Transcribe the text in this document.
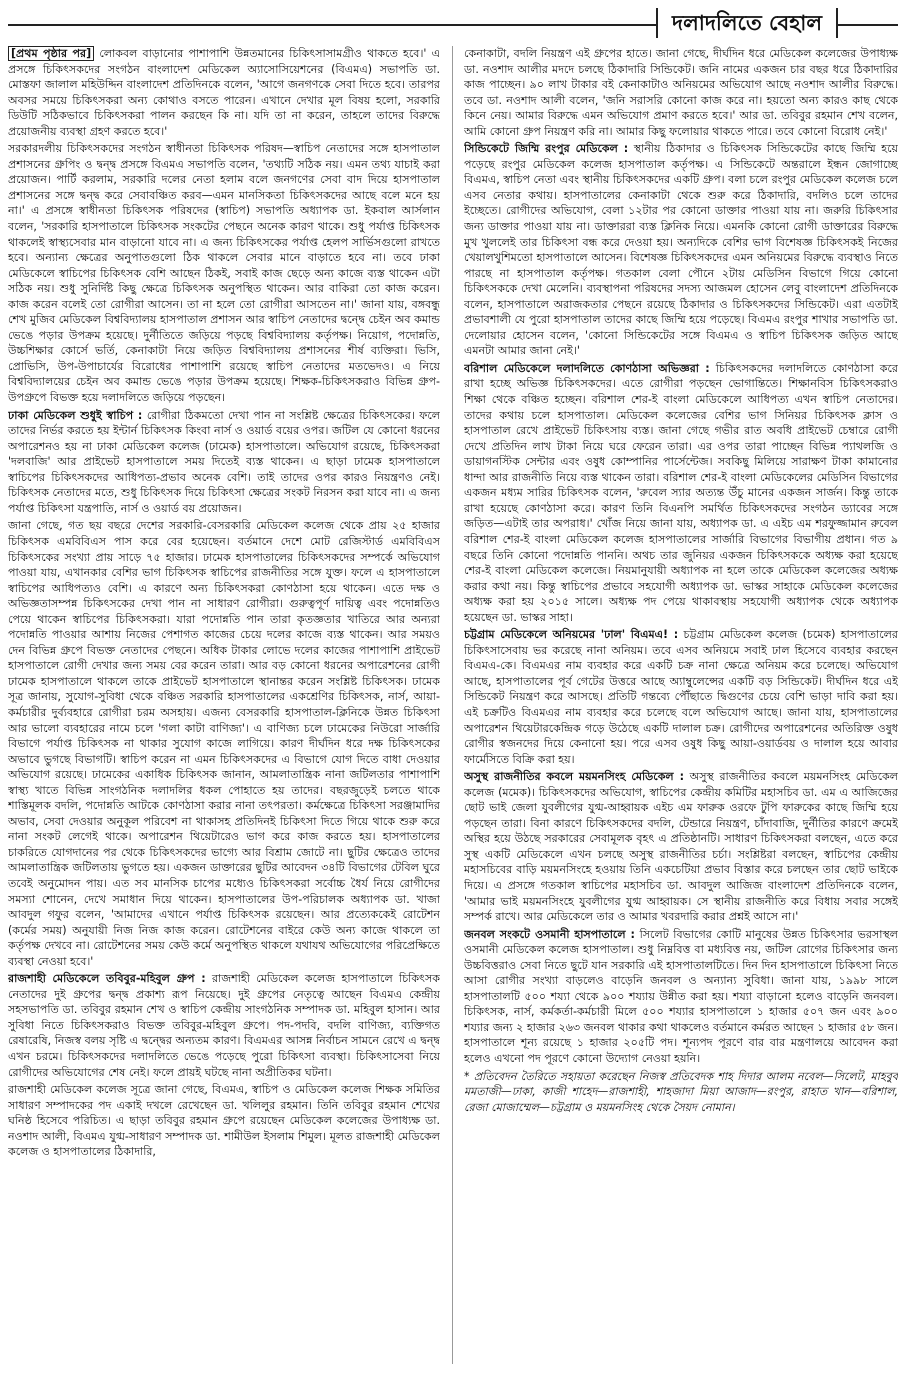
দলাদলিতে বেহাল

[প্রথম পৃষ্ঠার পর] লোকবল বাড়ানোর পাশাপাশি উন্নতমানের চিকিৎসাসামগ্রীও থাকতে হবে।' এ প্রসঙ্গে চিকিৎসকদের সংগঠন বাংলাদেশ মেডিকেল অ্যাসোসিয়েশনের (বিএমএ) সভাপতি ডা. মোস্তফা জালাল মহিউদ্দিন বাংলাদেশ প্রতিদিনকে বলেন, 'আগে জনগণকে সেবা দিতে হবে। তারপর অবসর সময়ে চিকিৎসকরা অন্য কোথাও বসতে পারেন। এখানে দেখার মূল বিষয় হলো, সরকারি ডিউটি সঠিকভাবে চিকিৎসকরা পালন করছেন কি না। যদি তা না করেন, তাহলে তাদের বিরুদ্ধে প্রয়োজনীয় ব্যবস্থা গ্রহণ করতে হবে।'

সরকারদলীয় চিকিৎসকদের সংগঠন স্বাধীনতা চিকিৎসক পরিষদ—স্বাচিপ নেতাদের সঙ্গে হাসপাতাল প্রশাসনের গ্রুপিং ও দ্বন্দ্ব প্রসঙ্গে বিএমএ সভাপতি বলেন, 'তথ্যটি সঠিক নয়। এমন তথ্য যাচাই করা প্রয়োজন। পার্টি করলাম, সরকারি দলের নেতা হলাম বলে জনগণের সেবা বাদ দিয়ে হাসপাতাল প্রশাসনের সঙ্গে দ্বন্দ্ব করে সেবাবঞ্চিত করব—এমন মানসিকতা চিকিৎসকদের আছে বলে মনে হয় না।' এ প্রসঙ্গে স্বাধীনতা চিকিৎসক পরিষদের (স্বাচিপ) সভাপতি অধ্যাপক ডা. ইকবাল আর্সলান বলেন, 'সরকারি হাসপাতালে চিকিৎসক সংকটের পেছনে অনেক কারণ থাকে। শুধু পর্যাপ্ত চিকিৎসক থাকলেই স্বাস্থ্যসেবার মান বাড়ানো যাবে না। এ জন্য চিকিৎসকের পর্যাপ্ত হেলপ সার্ভিসগুলো রাখতে হবে। অন্যান্য ক্ষেত্রের অনুপাতগুলো ঠিক থাকলে সেবার মানে বাড়াতে হবে না। তবে ঢাকা মেডিকেলে স্বাচিপের চিকিৎসক বেশি আছেন ঠিকই, সবাই কাজ ছেড়ে অন্য কাজে ব্যস্ত থাকেন এটা সঠিক নয়। শুধু সুনির্দিষ্ট কিছু ক্ষেত্রে চিকিৎসক অনুপস্থিত থাকেন। আর বাকিরা তো কাজ করেন। কাজ করেন বলেই তো রোগীরা আসেন। তা না হলে তো রোগীরা আসতেন না।' জানা যায়, বঙ্গবন্ধু শেখ মুজিব মেডিকেল বিশ্ববিদ্যালয় হাসপাতাল প্রশাসন আর স্বাচিপ নেতাদের দ্বন্দ্বে চেইন অব কমান্ড ভেঙে পড়ার উপক্রম হয়েছে। দুর্নীতিতে জড়িয়ে পড়ছে বিশ্ববিদ্যালয় কর্তৃপক্ষ। নিয়োগ, পদোন্নতি, উচ্চশিক্ষার কোর্সে ভর্তি, কেনাকাটা নিয়ে জড়িত বিশ্ববিদ্যালয় প্রশাসনের শীর্ষ ব্যক্তিরা। ভিসি, প্রোভিসি, উপ-উপাচার্যের বিরোধের পাশাপাশি রয়েছে স্বাচিপ নেতাদের মতভেদও। এ নিয়ে বিশ্ববিদ্যালয়ের চেইন অব কমান্ড ভেঙে পড়ার উপক্রম হয়েছে। শিক্ষক-চিকিৎসকরাও বিভিন্ন গ্রুপ-উপগ্রুপে বিভক্ত হয়ে দলাদলিতে জড়িয়ে পড়ছেন।

ঢাকা মেডিকেল শুধুই স্বাচিপ : রোগীরা ঠিকমতো দেখা পান না সংশ্লিষ্ট ক্ষেত্রের চিকিৎসকের। ফলে তাদের নির্ভর করতে হয় ইন্টার্ন চিকিৎসক কিংবা নার্স ও ওয়ার্ড বয়ের ওপর। জটিল যে কোনো ধরনের অপারেশনও হয় না ঢাকা মেডিকেল কলেজ (ঢামেক) হাসপাতালে। অভিযোগ রয়েছে, চিকিৎসকরা 'দলবাজি' আর প্রাইভেট হাসপাতালে সময় দিতেই ব্যস্ত থাকেন। এ ছাড়া ঢামেক হাসপাতালে স্বাচিপের চিকিৎসকদের আধিপত্য-প্রভাব অনেক বেশি। তাই তাদের ওপর কারও নিয়ন্ত্রণও নেই। চিকিৎসক নেতাদের মতে, শুধু চিকিৎসক দিয়ে চিকিৎসা ক্ষেত্রের সংকট নিরসন করা যাবে না। এ জন্য পর্যাপ্ত চিকিৎসা যন্ত্রপাতি, নার্স ও ওয়ার্ড বয় প্রয়োজন।

জানা গেছে, গত ছয় বছরে দেশের সরকারি-বেসরকারি মেডিকেল কলেজ থেকে প্রায় ২৫ হাজার চিকিৎসক এমবিবিএস পাস করে বের হয়েছেন। বর্তমানে দেশে মোট রেজিস্টার্ড এমবিবিএস চিকিৎসকের সংখ্যা প্রায় সাড়ে ৭৫ হাজার। ঢামেক হাসপাতালের চিকিৎসকদের সম্পর্কে অভিযোগ পাওয়া যায়, এখানকার বেশির ভাগ চিকিৎসক স্বাচিপের রাজনীতির সঙ্গে যুক্ত। ফলে এ হাসপাতালে স্বাচিপের আধিপত্যও বেশি। এ কারণে অন্য চিকিৎসকরা কোণঠাসা হয়ে থাকেন। এতে দক্ষ ও অভিজ্ঞতাসম্পন্ন চিকিৎসকের দেখা পান না সাধারণ রোগীরা। গুরুত্বপূর্ণ দায়িত্ব এবং পদোন্নতিও পেয়ে থাকেন স্বাচিপের চিকিৎসকরা। যারা পদোন্নতি পান তারা কৃতজ্ঞতার খাতিরে আর অন্যরা পদোন্নতি পাওয়ার আশায় নিজের পেশাগত কাজের চেয়ে দলের কাজে ব্যস্ত থাকেন। আর সময়ও দেন বিভিন্ন গ্রুপে বিভক্ত নেতাদের পেছনে। অধিক টাকার লোভে দলের কাজের পাশাপাশি প্রাইভেট হাসপাতালে রোগী দেখার জন্য সময় বের করেন তারা। আর বড় কোনো ধরনের অপারেশনের রোগী ঢামেক হাসপাতালে থাকলে তাকে প্রাইভেট হাসপাতালে স্থানান্তর করেন সংশ্লিষ্ট চিকিৎসক। ঢামেক সূত্র জানায়, সুযোগ-সুবিধা থেকে বঞ্চিত সরকারি হাসপাতালের একশ্রেণির চিকিৎসক, নার্স, আয়া-কর্মচারীর দুর্ব্যবহারে রোগীরা চরম অসহায়। এজন্য বেসরকারি হাসপাতাল-ক্লিনিকে উন্নত চিকিৎসা আর ভালো ব্যবহারের নামে চলে 'গলা কাটা বাণিজ্য'। এ বাণিজ্য চলে ঢামেকের নিউরো সার্জারি বিভাগে পর্যাপ্ত চিকিৎসক না থাকার সুযোগ কাজে লাগিয়ে। কারণ দীর্ঘদিন ধরে দক্ষ চিকিৎসকের অভাবে ভুগছে বিভাগটি। স্বাচিপ করেন না এমন চিকিৎসকদের এ বিভাগে যোগ দিতে বাধা দেওয়ার অভিযোগ রয়েছে। ঢামেকের একাধিক চিকিৎসক জানান, আমলাতান্ত্রিক নানা জটিলতার পাশাপাশি স্বাস্থ্য খাতে বিভিন্ন সাংগঠনিক দলাদলির ধকল পোহাতে হয় তাদের। বছরজুড়েই চলতে থাকে শাস্তিমূলক বদলি, পদোন্নতি আটকে কোণঠাসা করার নানা তৎপরতা। কর্মক্ষেত্রে চিকিৎসা সরঞ্জামাদির অভাব, সেবা দেওয়ার অনুকূল পরিবেশ না থাকাসহ প্রতিদিনই চিকিৎসা দিতে গিয়ে থাকে শুরু করে নানা সংকট লেগেই থাকে। অপারেশন থিয়েটারেও ভাগ করে কাজ করতে হয়। হাসপাতালের চাকরিতে যোগদানের পর থেকে চিকিৎসকদের ভাগ্যে আর বিশ্রাম জোটে না। ছুটির ক্ষেত্রেও তাদের আমলাতান্ত্রিক জটিলতায় ভুগতে হয়। একজন ডাক্তারের ছুটির আবেদন ৩৪টি বিভাগের টেবিল ঘুরে তবেই অনুমোদন পায়। এত সব মানসিক চাপের মধ্যেও চিকিৎসকরা সর্বোচ্চ ধৈর্য নিয়ে রোগীদের সমস্যা শোনেন, দেখে সমাধান দিয়ে থাকেন। হাসপাতালের উপ-পরিচালক অধ্যাপক ডা. খাজা আবদুল গফুর বলেন, 'আমাদের এখানে পর্যাপ্ত চিকিৎসক রয়েছেন। আর প্রত্যেককেই রোটেশন (কর্মের সময়) অনুযায়ী নিজ নিজ কাজ করেন। রোটেশনের বাইরে কেউ অন্য কাজে থাকলে তা কর্তৃপক্ষ দেখবে না। রোটেশনের সময় কেউ কর্মে অনুপস্থিত থাকলে যথাযথ অভিযোগের পরিপ্রেক্ষিতে ব্যবস্থা নেওয়া হবে।'

রাজশাহী মেডিকেলে তবিবুর-মহিবুল গ্রুপ : রাজশাহী মেডিকেল কলেজ হাসপাতালে চিকিৎসক নেতাদের দুই গ্রুপের দ্বন্দ্ব প্রকাশ্য রূপ নিয়েছে। দুই গ্রুপের নেতৃত্বে আছেন বিএমএ কেন্দ্রীয় সহসভাপতি ডা. তবিবুর রহমান শেখ ও স্বাচিপ কেন্দ্রীয় সাংগঠনিক সম্পাদক ডা. মহিবুল হাসান। আর সুবিধা নিতে চিকিৎসকরাও বিভক্ত তবিবুর-মহিবুল গ্রুপে। পদ-পদবি, বদলি বাণিজ্য, ব্যক্তিগত রেষারেষি, নিজস্ব বলয় সৃষ্টি এ দ্বন্দ্বের অন্যতম কারণ। বিএমএর আসন্ন নির্বাচন সামনে রেখে এ দ্বন্দ্ব এখন চরমে। চিকিৎসকদের দলাদলিতে ভেঙে পড়েছে পুরো চিকিৎসা ব্যবস্থা। চিকিৎসাসেবা নিয়ে রোগীদের অভিযোগের শেষ নেই। ফলে প্রায়ই ঘটছে নানা অপ্রীতিকর ঘটনা।

রাজশাহী মেডিকেল কলেজ সূত্রে জানা গেছে, বিএমএ, স্বাচিপ ও মেডিকেল কলেজ শিক্ষক সমিতির সাধারণ সম্পাদকের পদ একাই দখলে রেখেছেন ডা. খলিলুর রহমান। তিনি তবিবুর রহমান শেখের ঘনিষ্ঠ হিসেবে পরিচিত। এ ছাড়া তবিবুর রহমান গ্রুপে রয়েছেন মেডিকেল কলেজের উপাধ্যক্ষ ডা. নওশাদ আলী, বিএমএ যুগ্ম-সাধারণ সম্পাদক ডা. শামীউল ইসলাম শিমুল। মূলত রাজশাহী মেডিকেল কলেজ ও হাসপাতালের ঠিকাদারি,

কেনাকাটা, বদলি নিয়ন্ত্রণ এই গ্রুপের হাতে। জানা গেছে, দীর্ঘদিন ধরে মেডিকেল কলেজের উপাধ্যক্ষ ডা. নওশাদ আলীর মদদে চলছে ঠিকাদারি সিন্ডিকেট। জনি নামের একজন চার বছর ধরে ঠিকাদারির কাজ পাচ্ছেন। ৯০ লাখ টাকার বই কেনাকাটাও অনিয়মের অভিযোগ আছে নওশাদ আলীর বিরুদ্ধে। তবে ডা. নওশাদ আলী বলেন, 'জনি সরাসরি কোনো কাজ করে না। হয়তো অন্য কারও কাছ থেকে কিনে নেয়। আমার বিরুদ্ধে এমন অভিযোগ প্রমাণ করতে হবে।' আর ডা. তবিবুর রহমান শেখ বলেন, আমি কোনো গ্রুপ নিয়ন্ত্রণ করি না। আমার কিছু ফলোয়ার থাকতে পারে। তবে কোনো বিরোধ নেই।'

সিন্ডিকেটে জিম্মি রংপুর মেডিকেল : স্থানীয় ঠিকাদার ও চিকিৎসক সিন্ডিকেটের কাছে জিম্মি হয়ে পড়েছে রংপুর মেডিকেল কলেজ হাসপাতাল কর্তৃপক্ষ। এ সিন্ডিকেটে অন্তরালে ইন্ধন জোগাচ্ছে বিএমএ, স্বাচিপ নেতা এবং স্থানীয় চিকিৎসকদের একটি গ্রুপ। বলা চলে রংপুর মেডিকেল কলেজ চলে এসব নেতার কথায়। হাসপাতালের কেনাকাটা থেকে শুরু করে ঠিকাদারি, বদলিও চলে তাদের ইচ্ছেতে। রোগীদের অভিযোগ, বেলা ১২টার পর কোনো ডাক্তার পাওয়া যায় না। জরুরি চিকিৎসার জন্য ডাক্তার পাওয়া যায় না। ডাক্তাররা ব্যস্ত ক্লিনিক নিয়ে। এমনকি কোনো রোগী ডাক্তারের বিরুদ্ধে মুখ খুললেই তার চিকিৎসা বন্ধ করে দেওয়া হয়। অন্যদিকে বেশির ভাগ বিশেষজ্ঞ চিকিৎসকই নিজের খেয়ালখুশিমতো হাসপাতালে আসেন। বিশেষজ্ঞ চিকিৎসকদের এমন অনিয়মের বিরুদ্ধে ব্যবস্থাও নিতে পারছে না হাসপাতাল কর্তৃপক্ষ। গতকাল বেলা পৌনে ২টায় মেডিসিন বিভাগে গিয়ে কোনো চিকিৎসককে দেখা মেলেনি। ব্যবস্থাপনা পরিষদের সদস্য আজমল হোসেন লেবু বাংলাদেশ প্রতিদিনকে বলেন, হাসপাতালে অরাজকতার পেছনে রয়েছে ঠিকাদার ও চিকিৎসকদের সিন্ডিকেট। এরা এতটাই প্রভাবশালী যে পুরো হাসপাতাল তাদের কাছে জিম্মি হয়ে পড়েছে। বিএমএ রংপুর শাখার সভাপতি ডা. দেলোয়ার হোসেন বলেন, 'কোনো সিন্ডিকেটের সঙ্গে বিএমএ ও স্বাচিপ চিকিৎসক জড়িত আছে এমনটা আমার জানা নেই।'

বরিশাল মেডিকেলে দলাদলিতে কোণঠাসা অভিজ্ঞরা : চিকিৎসকদের দলাদলিতে কোণঠাসা করে রাখা হচ্ছে অভিজ্ঞ চিকিৎসকদের। এতে রোগীরা পড়ছেন ভোগান্তিতে। শিক্ষানবিস চিকিৎসকরাও শিক্ষা থেকে বঞ্চিত হচ্ছেন। বরিশাল শের-ই বাংলা মেডিকেলে আধিপত্য এখন স্বাচিপ নেতাদের। তাদের কথায় চলে হাসপাতাল। মেডিকেল কলেজের বেশির ভাগ সিনিয়র চিকিৎসক ক্লাস ও হাসপাতাল রেখে প্রাইভেট চিকিৎসায় ব্যস্ত। জানা গেছে গভীর রাত অবধি প্রাইভেট চেম্বারে রোগী দেখে প্রতিদিন লাখ টাকা নিয়ে ঘরে ফেরেন তারা। এর ওপর তারা পাচ্ছেন বিভিন্ন প্যাথলজি ও ডায়াগনস্টিক সেন্টার এবং ওষুধ কোম্পানির পার্সেন্টেজ। সবকিছু মিলিয়ে সারাক্ষণ টাকা কামানোর ধান্দা আর রাজনীতি নিয়ে ব্যস্ত থাকেন তারা। বরিশাল শের-ই বাংলা মেডিকেলের মেডিসিন বিভাগের একজন মধ্যম সারির চিকিৎসক বলেন, 'রুবেল স্যার অত্যন্ত উঁচু মানের একজন সার্জন। কিন্তু তাকে রাখা হয়েছে কোণঠাসা করে। কারণ তিনি বিএনপি সমর্থিত চিকিৎসকদের সংগঠন ড্যাবের সঙ্গে জড়িত—এটাই তার অপরাধ।' খোঁজ নিয়ে জানা যায়, অধ্যাপক ডা. এ এইচ এম শরফুজ্জামান রুবেল বরিশাল শের-ই বাংলা মেডিকেল কলেজ হাসপাতালের সার্জারি বিভাগের বিভাগীয় প্রধান। গত ৯ বছরে তিনি কোনো পদোন্নতি পাননি। অথচ তার জুনিয়র একজন চিকিৎসককে অধ্যক্ষ করা হয়েছে শের-ই বাংলা মেডিকেল কলেজে। নিয়মানুযায়ী অধ্যাপক না হলে তাকে মেডিকেল কলেজের অধ্যক্ষ করার কথা নয়। কিন্তু স্বাচিপের প্রভাবে সহযোগী অধ্যাপক ডা. ভাস্কর সাহাকে মেডিকেল কলেজের অধ্যক্ষ করা হয় ২০১৫ সালে। অধ্যক্ষ পদ পেয়ে থাকাবস্থায় সহযোগী অধ্যাপক থেকে অধ্যাপক হয়েছেন ডা. ভাস্কর সাহা।

চট্টগ্রাম মেডিকেলে অনিয়মের 'ঢাল' বিএমএ! : চট্টগ্রাম মেডিকেল কলেজ (চমেক) হাসপাতালের চিকিৎসাসেবায় ভর করেছে নানা অনিয়ম। তবে এসব অনিয়মে সবাই ঢাল হিসেবে ব্যবহার করছেন বিএমএ-কে। বিএমএর নাম ব্যবহার করে একটি চক্র নানা ক্ষেত্রে অনিয়ম করে চলেছে। অভিযোগ আছে, হাসপাতালের পূর্ব গেটের উত্তরে আছে অ্যাম্বুলেন্সের একটি বড় সিন্ডিকেট। দীর্ঘদিন ধরে এই সিন্ডিকেট নিয়ন্ত্রণ করে আসছে। প্রতিটি গন্তব্যে পৌঁছাতে দ্বিগুণের চেয়ে বেশি ভাড়া দাবি করা হয়। এই চক্রটিও বিএমএর নাম ব্যবহার করে চলেছে বলে অভিযোগ আছে। জানা যায়, হাসপাতালের অপারেশন থিয়েটারকেন্দ্রিক গড়ে উঠেছে একটি দালাল চক্র। রোগীদের অপারেশনের অতিরিক্ত ওষুধ রোগীর স্বজনদের দিয়ে কেনানো হয়। পরে এসব ওষুধ কিছু আয়া-ওয়ার্ডবয় ও দালাল হয়ে আবার ফার্মেসিতে বিক্রি করা হয়।

অসুস্থ রাজনীতির কবলে ময়মনসিংহ মেডিকেল : অসুস্থ রাজনীতির কবলে ময়মনসিংহ মেডিকেল কলেজ (মমেক)। চিকিৎসকদের অভিযোগ, স্বাচিপের কেন্দ্রীয় কমিটির মহাসচিব ডা. এম এ আজিজের ছোট ভাই জেলা যুবলীগের যুগ্ম-আহ্বায়ক এইচ এম ফারুক ওরফে টুপি ফারুকের কাছে জিম্মি হয়ে পড়ছেন তারা। বিনা কারণে চিকিৎসকদের বদলি, টেন্ডারে নিয়ন্ত্রণ, চাঁদাবাজি, দুর্নীতির কারণে ক্রমেই অস্থির হয়ে উঠছে সরকারের সেবামূলক বৃহৎ এ প্রতিষ্ঠানটি। সাধারণ চিকিৎসকরা বলছেন, এতে করে সুস্থ একটি মেডিকেলে এখন চলছে অসুস্থ রাজনীতির চর্চা। সংশ্লিষ্টরা বলছেন, স্বাচিপের কেন্দ্রীয় মহাসচিবের বাড়ি ময়মনসিংহে হওয়ায় তিনি একচেটিয়া প্রভাব বিস্তার করে চলছেন তার ছোট ভাইকে দিয়ে। এ প্রসঙ্গে গতকাল স্বাচিপের মহাসচিব ডা. আবদুল আজিজ বাংলাদেশ প্রতিদিনকে বলেন, 'আমার ভাই ময়মনসিংহে যুবলীগের যুগ্ম আহ্বায়ক। সে স্থানীয় রাজনীতি করে বিধায় সবার সঙ্গেই সম্পর্ক রাখে। আর মেডিকেলে তার ও আমার খবরদারি করার প্রশ্নই আসে না।'

জনবল সংকটে ওসমানী হাসপাতালে : সিলেট বিভাগের কোটি মানুষের উন্নত চিকিৎসার ভরসাস্থল ওসমানী মেডিকেল কলেজ হাসপাতাল। শুধু নিম্নবিত্ত বা মধ্যবিত্ত নয়, জটিল রোগের চিকিৎসার জন্য উচ্চবিত্তরাও সেবা নিতে ছুটে যান সরকারি এই হাসপাতালটিতে। দিন দিন হাসপাতালে চিকিৎসা নিতে আসা রোগীর সংখ্যা বাড়লেও বাড়েনি জনবল ও অন্যান্য সুবিধা। জানা যায়, ১৯৯৮ সালে হাসপাতালটি ৫০০ শয্যা থেকে ৯০০ শয্যায় উন্নীত করা হয়। শয্যা বাড়ানো হলেও বাড়েনি জনবল। চিকিৎসক, নার্স, কর্মকর্তা-কর্মচারী মিলে ৫০০ শয্যার হাসপাতালে ১ হাজার ৫০৭ জন এবং ৯০০ শয্যার জন্য ২ হাজার ২৬৩ জনবল থাকার কথা থাকলেও বর্তমানে কর্মরত আছেন ১ হাজার ৫৮ জন। হাসপাতালে শূন্য রয়েছে ১ হাজার ২০৫টি পদ। শূন্যপদ পূরণে বার বার মন্ত্রণালয়ে আবেদন করা হলেও এখনো পদ পূরণে কোনো উদ্যোগ নেওয়া হয়নি।

* প্রতিবেদন তৈরিতে সহায়তা করেছেন নিজস্ব প্রতিবেদক শাহ দিদার আলম নবেল—সিলেট, মাহবুব মমতাজী—ঢাকা, কাজী শাহেদ—রাজশাহী, শাহজাদা মিয়া আজাদ—রংপুর, রাহাত খান—বরিশাল, রেজা মোজাম্মেল—চট্টগ্রাম ও ময়মনসিংহ থেকে সৈয়দ নোমান।
